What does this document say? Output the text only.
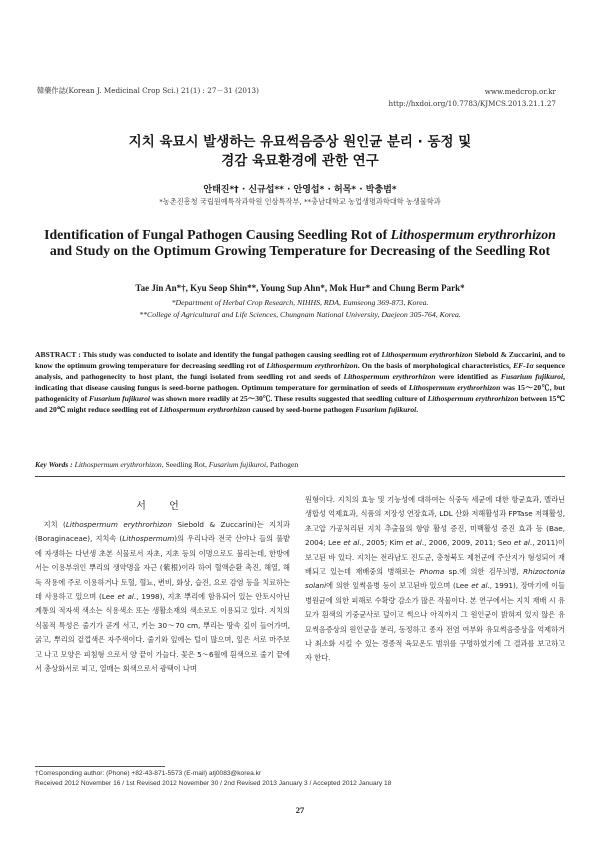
韓藥作誌(Korean J. Medicinal Crop Sci.) 21(1) : 27－31 (2013)	www.medcrop.or.kr
http://hxdoi.org/10.7783/KJMCS.2013.21.1.27
지치 육묘시 발생하는 유묘썩음증상 원인균 분리 · 동정 및
경감 육묘환경에 관한 연구
안태진*† · 신규섭** · 안영섭* · 허목* · 박충범*
*농촌진흥청 국립원예특작과학원 인삼특작부, **충남대학교 농업생명과학대학 농생물학과
Identification of Fungal Pathogen Causing Seedling Rot of Lithospermum erythrorhizon and Study on the Optimum Growing Temperature for Decreasing of the Seedling Rot
Tae Jin An*†, Kyu Seop Shin**, Young Sup Ahn*, Mok Hur* and Chung Berm Park*
*Department of Herbal Crop Research, NIHHS, RDA, Eumseong 369-873, Korea.
**College of Agricultural and Life Sciences, Chungnam National University, Daejeon 305-764, Korea.
ABSTRACT : This study was conducted to isolate and identify the fungal pathogen causing seedling rot of Lithospermum erythrorhizon Siebold & Zuccarini, and to know the optimum growing temperature for decreasing seedling rot of Lithospermum erythrorhizon. On the basis of morphological characteristics, EF-1α sequence analysis, and pathogenecity to host plant, the fungi isolated from seedling rot and seeds of Lithospermum erythrorhizon were identified as Fusarium fujikuroi, indicating that disease causing fungus is seed-borne pathogen. Optimum temperature for germination of seeds of Lithospermum erythrorhizon was 15～20℃, but pathogenicity of Fusarium fujikuroi was shown more readily at 25～30℃. These results suggested that seedling culture of Lithospermum erythrorhizon between 15℃ and 20℃ might reduce seedling rot of Lithospermum erythrorhizon caused by seed-borne pathogen Fusarium fujikuroi.
Key Words : Lithospermum erythrorhizon, Seedling Rot, Fusarium fujikuroi, Pathogen
서 언
지치 (Lithospermum erythrorhizon Siebold & Zuccarini)는 지치과 (Boraginaceae), 지치속 (Lithospermum)의 우리나라 전국 산야나 들의 풀밭에 자생하는 다년생 초본 식물로서 자초, 지초 등의 이명으로도 불리는데, 한방에서는 이용부위인 뿌리의 생약명을 자근 (紫根)이라 하여 혈액순환 촉진, 해열, 해독 작용에 주로 이용하거나 토혈, 혈뇨, 변비, 화상, 습진, 요로 감염 등을 치료하는데 사용하고 있으며 (Lee et al., 1998), 지초 뿌리에 함유되어 있는 안토시아닌 계통의 적자색 색소는 식용색소 또는 생활소재의 색소로도 이용되고 있다. 지치의 식물적 특성은 줄기가 곧게 서고, 키는 30～70 cm, 뿌리는 땅속 깊이 들어가며, 굵고, 뿌리의 겉껍색은 자주색이다. 줄기와 잎에는 털이 많으며, 잎은 서로 마주보고 나고 모양은 피침형 으로서 양 끝이 가늘다. 꽃은 5～6월에 흰색으로 줄기 끝에서 총상화서로 피고, 열매는 회색으로서 광택이 나며
원형이다. 지치의 효능 및 기능성에 대하여는 식중독 세균에 대한 항균효과, 멜라닌 생합성 억제효과, 식품의 저장성 연장효과, LDL 산화 저해활성과 FPTase 저해활성, 초고압 가공처리된 지치 추출물의 항암 활성 증진, 미백활성 증진 효과 등 (Bae, 2004; Lee et al., 2005; Kim et al., 2006, 2009, 2011; Seo et al., 2011)이 보고된 바 있다. 지치는 전라남도 진도군, 충청북도 제천군에 주산지가 형성되어 재배되고 있는데 재배중의 병해로는 Phoma sp.에 의한 검무늬병, Rhizoctonia solani에 의한 잎썩음병 등이 보고된바 있으며 (Lee et al., 1991), 장마기에 이들 병원균에 의한 피해로 수확량 감소가 많은 작물이다. 본 연구에서는 지치 재배 시 유묘가 흰색의 기중균사로 덮이고 썩으나 아직까지 그 원인균이 밝혀져 있지 않은 유묘썩음증상의 원인균을 분리, 동정하고 종자 전염 여부와 유묘썩음증상을 억제하거나 최소화 시킬 수 있는 경종적 육묘온도 범위를 구명하였기에 그 결과를 보고하고자 한다.
†Corresponding author: (Phone) +82-43-871-5573 (E-mail) atj0083@korea.kr
Received 2012 November 16 / 1st Revised 2012 November 30 / 2nd Revised 2013 January 3 / Accepted 2012 January 18
27
